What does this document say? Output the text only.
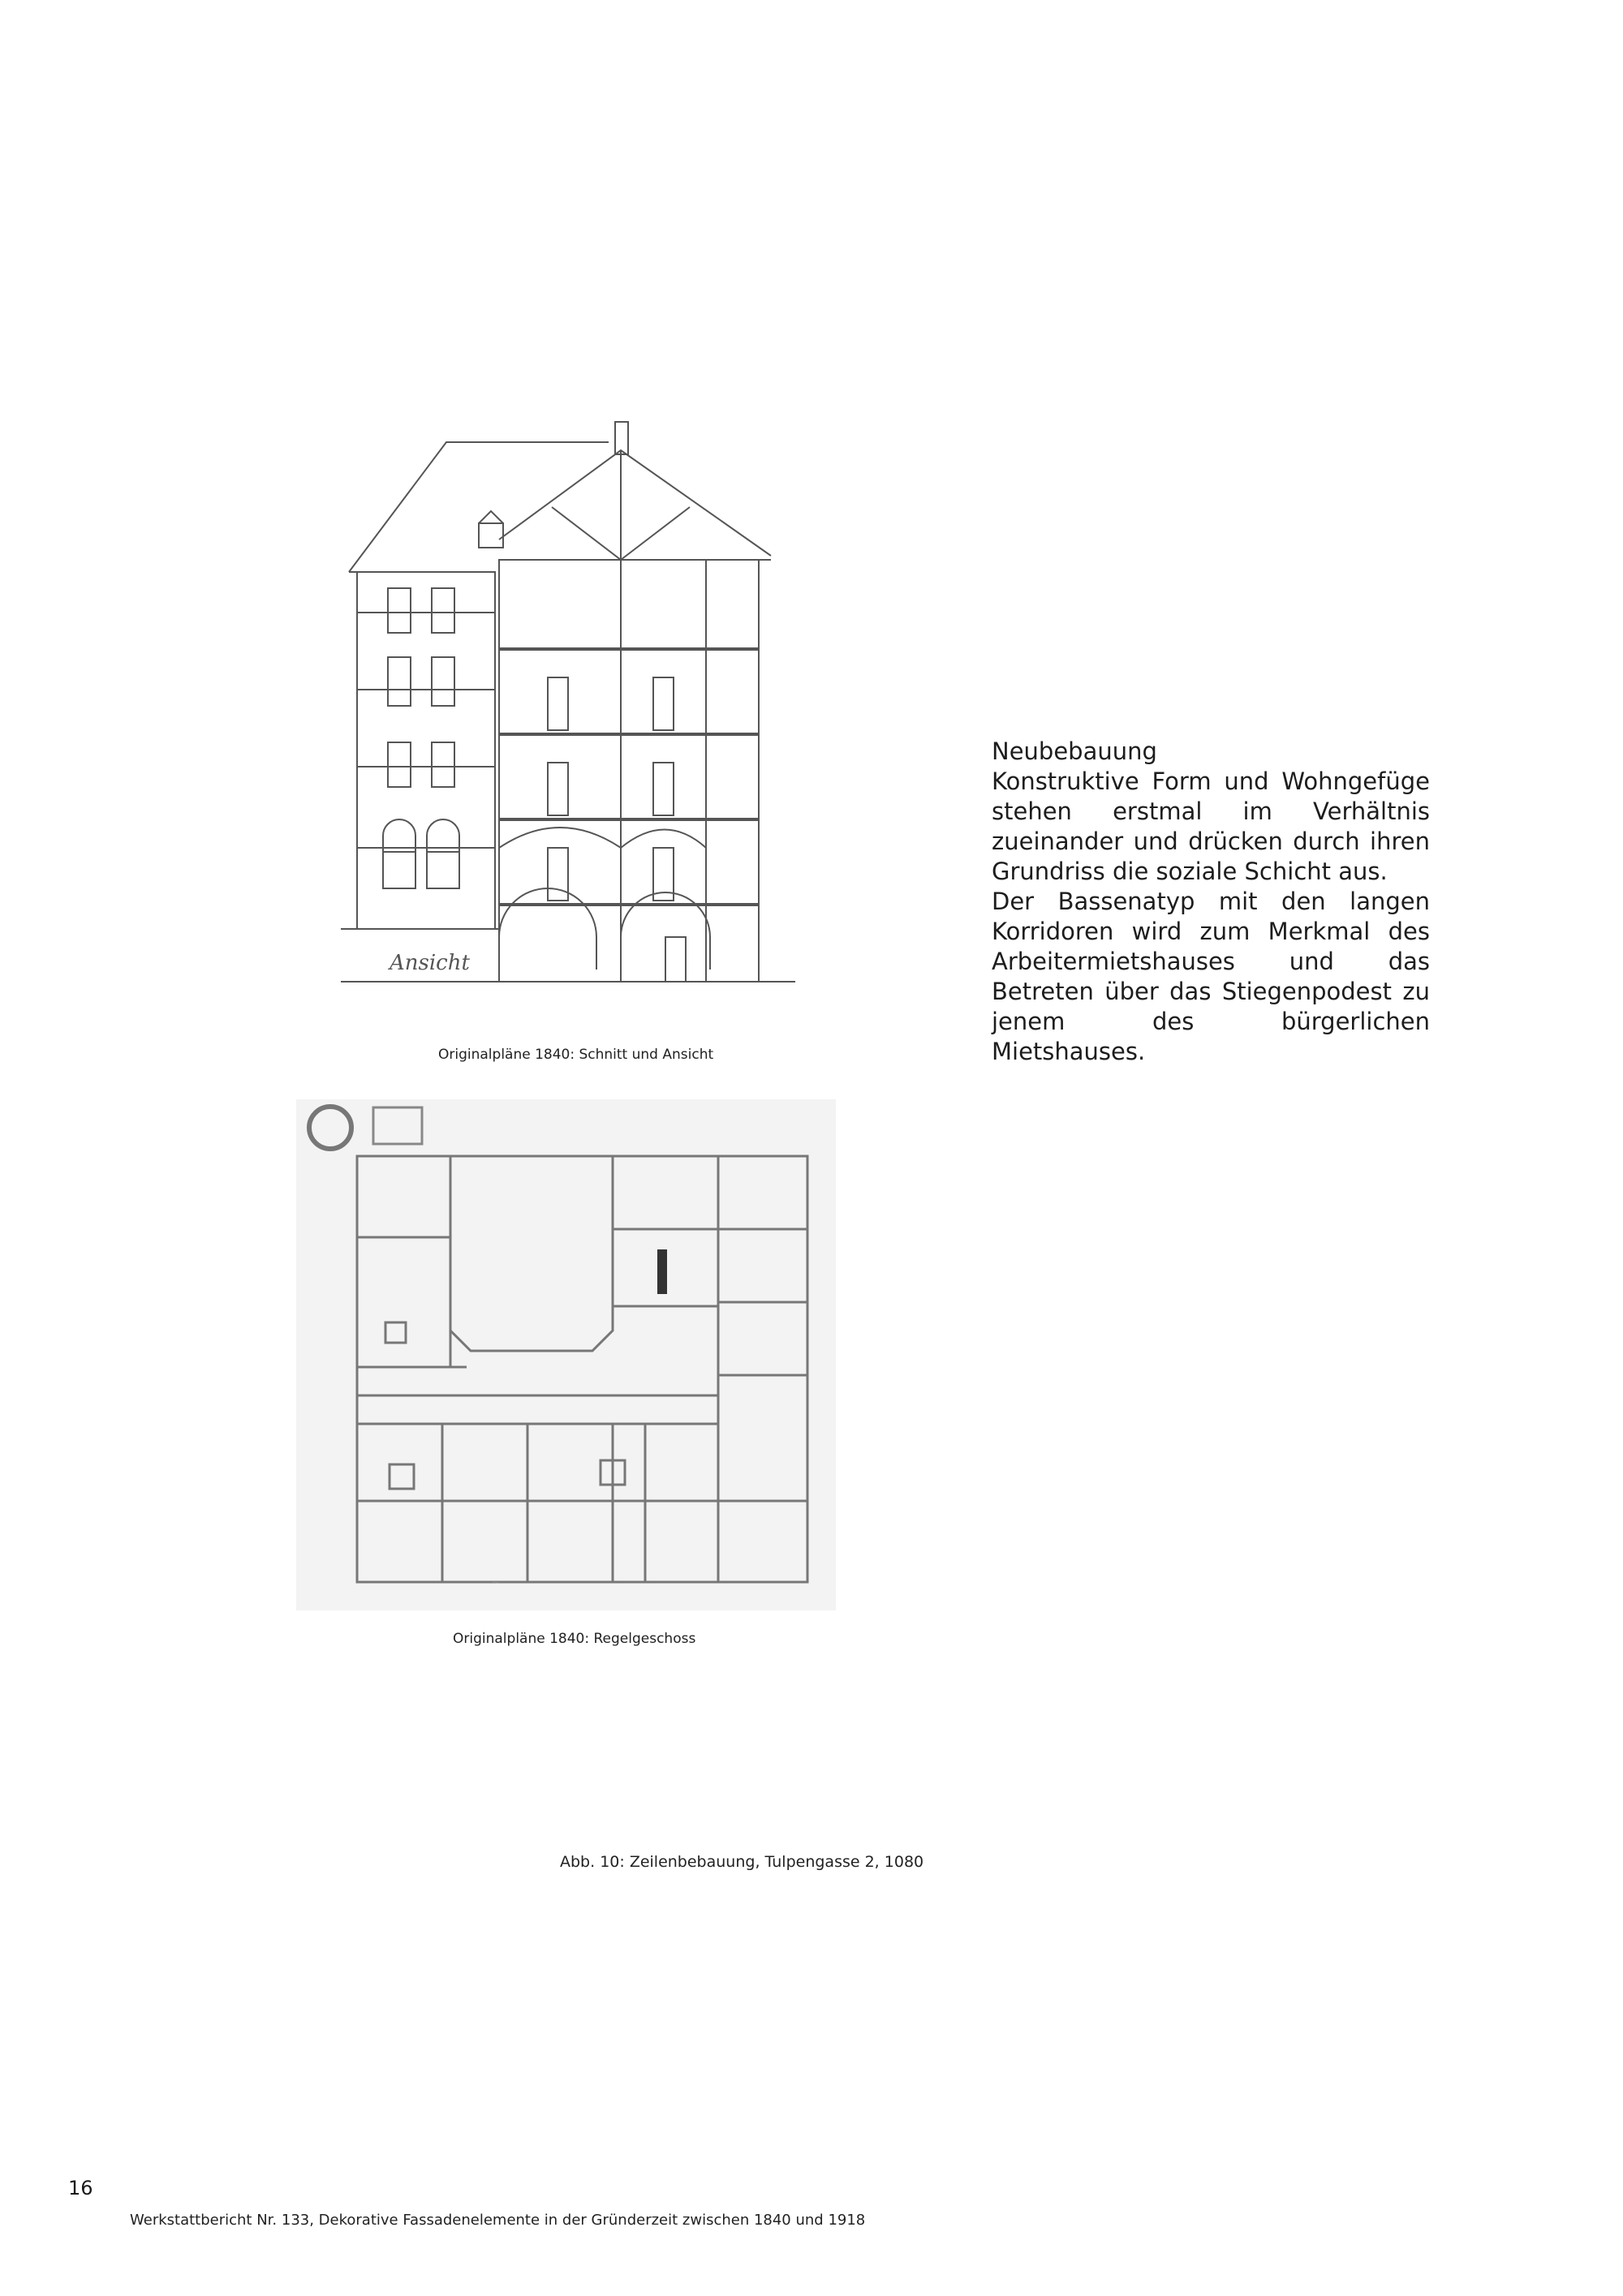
Ansicht
Originalpläne 1840: Schnitt und Ansicht
~
Originalpläne 1840: Regelgeschoss
Abb. 10: Zeilenbebauung, Tulpengasse 2, 1080

Neubebauung

Konstruktive Form und Wohngefüge stehen erstmal im Verhältnis zueinander und drücken durch ihren Grundriss die soziale Schicht aus.

Der Bassenatyp mit den langen Korridoren wird zum Merkmal des Arbeitermietshauses und das Betreten über das Stiegenpodest zu jenem des bürgerlichen Mietshauses.

16
Werkstattbericht Nr. 133, Dekorative Fassadenelemente in der Gründerzeit zwischen 1840 und 1918
